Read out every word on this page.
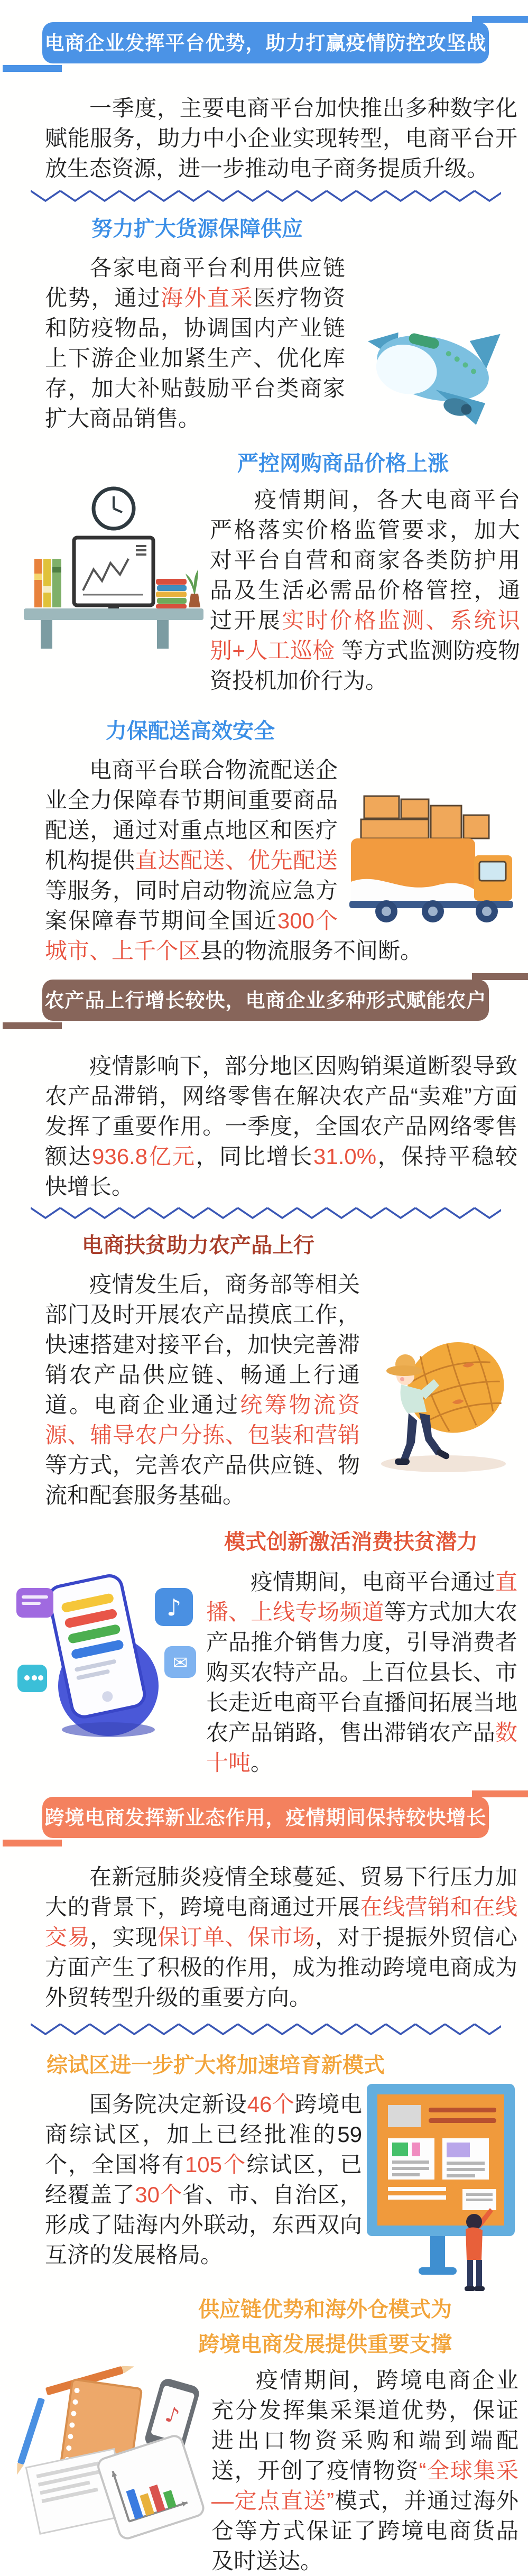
电商企业发挥平台优势，助力打赢疫情防控攻坚战

一季度，主要电商平台加快推出多种数字化赋能服务，助力中小企业实现转型，电商平台开放生态资源，进一步推动电子商务提质升级。

努力扩大货源保障供应
各家电商平台利用供应链优势，通过海外直采医疗物资和防疫物品，协调国内产业链上下游企业加紧生产、优化库存，加大补贴鼓励平台类商家扩大商品销售。
严控网购商品价格上涨

疫情期间，各大电商平台严格落实价格监管要求，加大对平台自营和商家各类防护用品及生活必需品价格管控，通过开展实时价格监测、系统识别+人工巡检 等方式监测防疫物资投机加价行为。

力保配送高效安全
电商平台联合物流配送企业全力保障春节期间重要商品配送，通过对重点地区和医疗机构提供直达配送、优先配送等服务，同时启动物流应急方案保障春节期间全国近300个城市、上千个区县的物流服务不间断。
农产品上行增长较快，电商企业多种形式赋能农户

疫情影响下，部分地区因购销渠道断裂导致农产品滞销，网络零售在解决农产品“卖难”方面发挥了重要作用。一季度，全国农产品网络零售额达936.8亿元，同比增长31.0%，保持平稳较快增长。

电商扶贫助力农产品上行
疫情发生后，商务部等相关部门及时开展农产品摸底工作，快速搭建对接平台，加快完善滞销农产品供应链、畅通上行通道。电商企业通过统筹物流资源、辅导农户分拣、包装和营销等方式，完善农产品供应链、物流和配套服务基础。
模式创新激活消费扶贫潜力
♪
✉

疫情期间，电商平台通过直播、上线专场频道等方式加大农产品推介销售力度，引导消费者购买农特产品。上百位县长、市长走近电商平台直播间拓展当地农产品销路，售出滞销农产品数十吨。

跨境电商发挥新业态作用，疫情期间保持较快增长

在新冠肺炎疫情全球蔓延、贸易下行压力加大的背景下，跨境电商通过开展在线营销和在线交易，实现保订单、保市场，对于提振外贸信心方面产生了积极的作用，成为推动跨境电商成为外贸转型升级的重要方向。

综试区进一步扩大将加速培育新模式

国务院决定新设46个跨境电商综试区，加上已经批准的59个，全国将有105个综试区，已经覆盖了30个省、市、自治区，形成了陆海内外联动，东西双向互济的发展格局。

供应链优势和海外仓模式为
跨境电商发展提供重要支撑
♪

疫情期间，跨境电商企业充分发挥集采渠道优势，保证进出口物资采购和端到端配送，开创了疫情物资“全球集采—定点直送”模式，并通过海外仓等方式保证了跨境电商货品及时送达。
